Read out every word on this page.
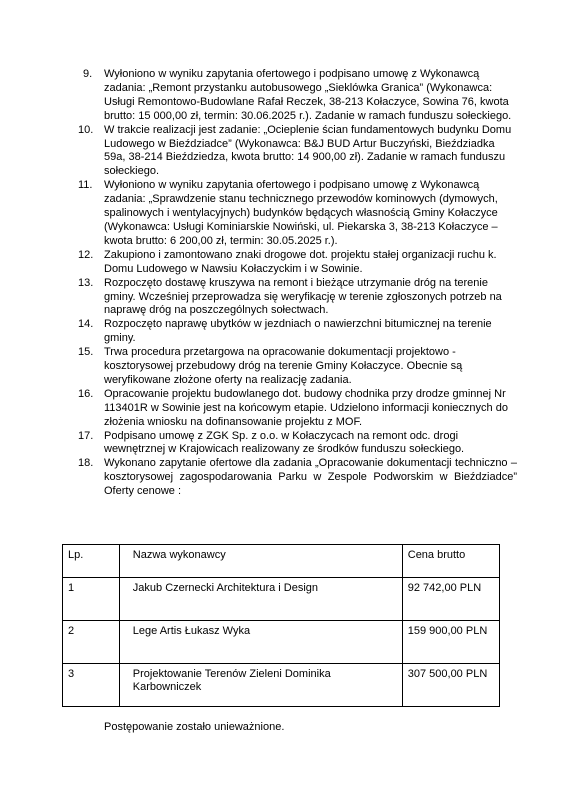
9. Wyłoniono w wyniku zapytania ofertowego i podpisano umowę z Wykonawcą zadania: „Remont przystanku autobusowego „Sieklówka Granica” (Wykonawca: Usługi Remontowo-Budowlane Rafał Reczek, 38-213 Kołaczyce, Sowina 76, kwota brutto: 15 000,00 zł, termin: 30.06.2025 r.). Zadanie w ramach funduszu sołeckiego.
10. W trakcie realizacji jest zadanie: „Ocieplenie ścian fundamentowych budynku Domu Ludowego w Bieździadce” (Wykonawca: B&J BUD Artur Buczyński, Bieździadka 59a, 38-214 Bieździedza, kwota brutto: 14 900,00 zł). Zadanie w ramach funduszu sołeckiego.
11. Wyłoniono w wyniku zapytania ofertowego i podpisano umowę z Wykonawcą zadania: „Sprawdzenie stanu technicznego przewodów kominowych (dymowych, spalinowych i wentylacyjnych) budynków będących własnością Gminy Kołaczyce (Wykonawca: Usługi Kominiarskie Nowiński, ul. Piekarska 3, 38-213 Kołaczyce – kwota brutto: 6 200,00 zł, termin: 30.05.2025 r.).
12. Zakupiono i zamontowano znaki drogowe dot. projektu stałej organizacji ruchu k. Domu Ludowego w Nawsiu Kołaczyckim i w Sowinie.
13. Rozpoczęto dostawę kruszywa na remont i bieżące utrzymanie dróg na terenie gminy. Wcześniej przeprowadza się weryfikację w terenie zgłoszonych potrzeb na naprawę dróg na poszczególnych sołectwach.
14. Rozpoczęto naprawę ubytków w jezdniach o nawierzchni bitumicznej na terenie gminy.
15. Trwa procedura przetargowa na opracowanie dokumentacji projektowo -kosztorysowej przebudowy dróg na terenie Gminy Kołaczyce. Obecnie są weryfikowane złożone oferty na realizację zadania.
16. Opracowanie projektu budowlanego dot. budowy chodnika przy drodze gminnej Nr 113401R w Sowinie jest na końcowym etapie. Udzielono informacji koniecznych do złożenia wniosku na dofinansowanie projektu z MOF.
17. Podpisano umowę z ZGK Sp. z o.o. w Kołaczycach na remont odc. drogi wewnętrznej w Krajowicach realizowany ze środków funduszu sołeckiego.
18. Wykonano zapytanie ofertowe dla zadania „Opracowanie dokumentacji techniczno – kosztorysowej zagospodarowania Parku w Zespole Podworskim w Bieździadce” Oferty cenowe :
Lp.	Nazwa wykonawcy	Cena brutto
1	Jakub Czernecki Architektura i Design	92 742,00 PLN
2	Lege Artis Łukasz Wyka	159 900,00 PLN
3	Projektowanie Terenów Zieleni Dominika Karbowniczek	307 500,00 PLN
Postępowanie zostało unieważnione.
